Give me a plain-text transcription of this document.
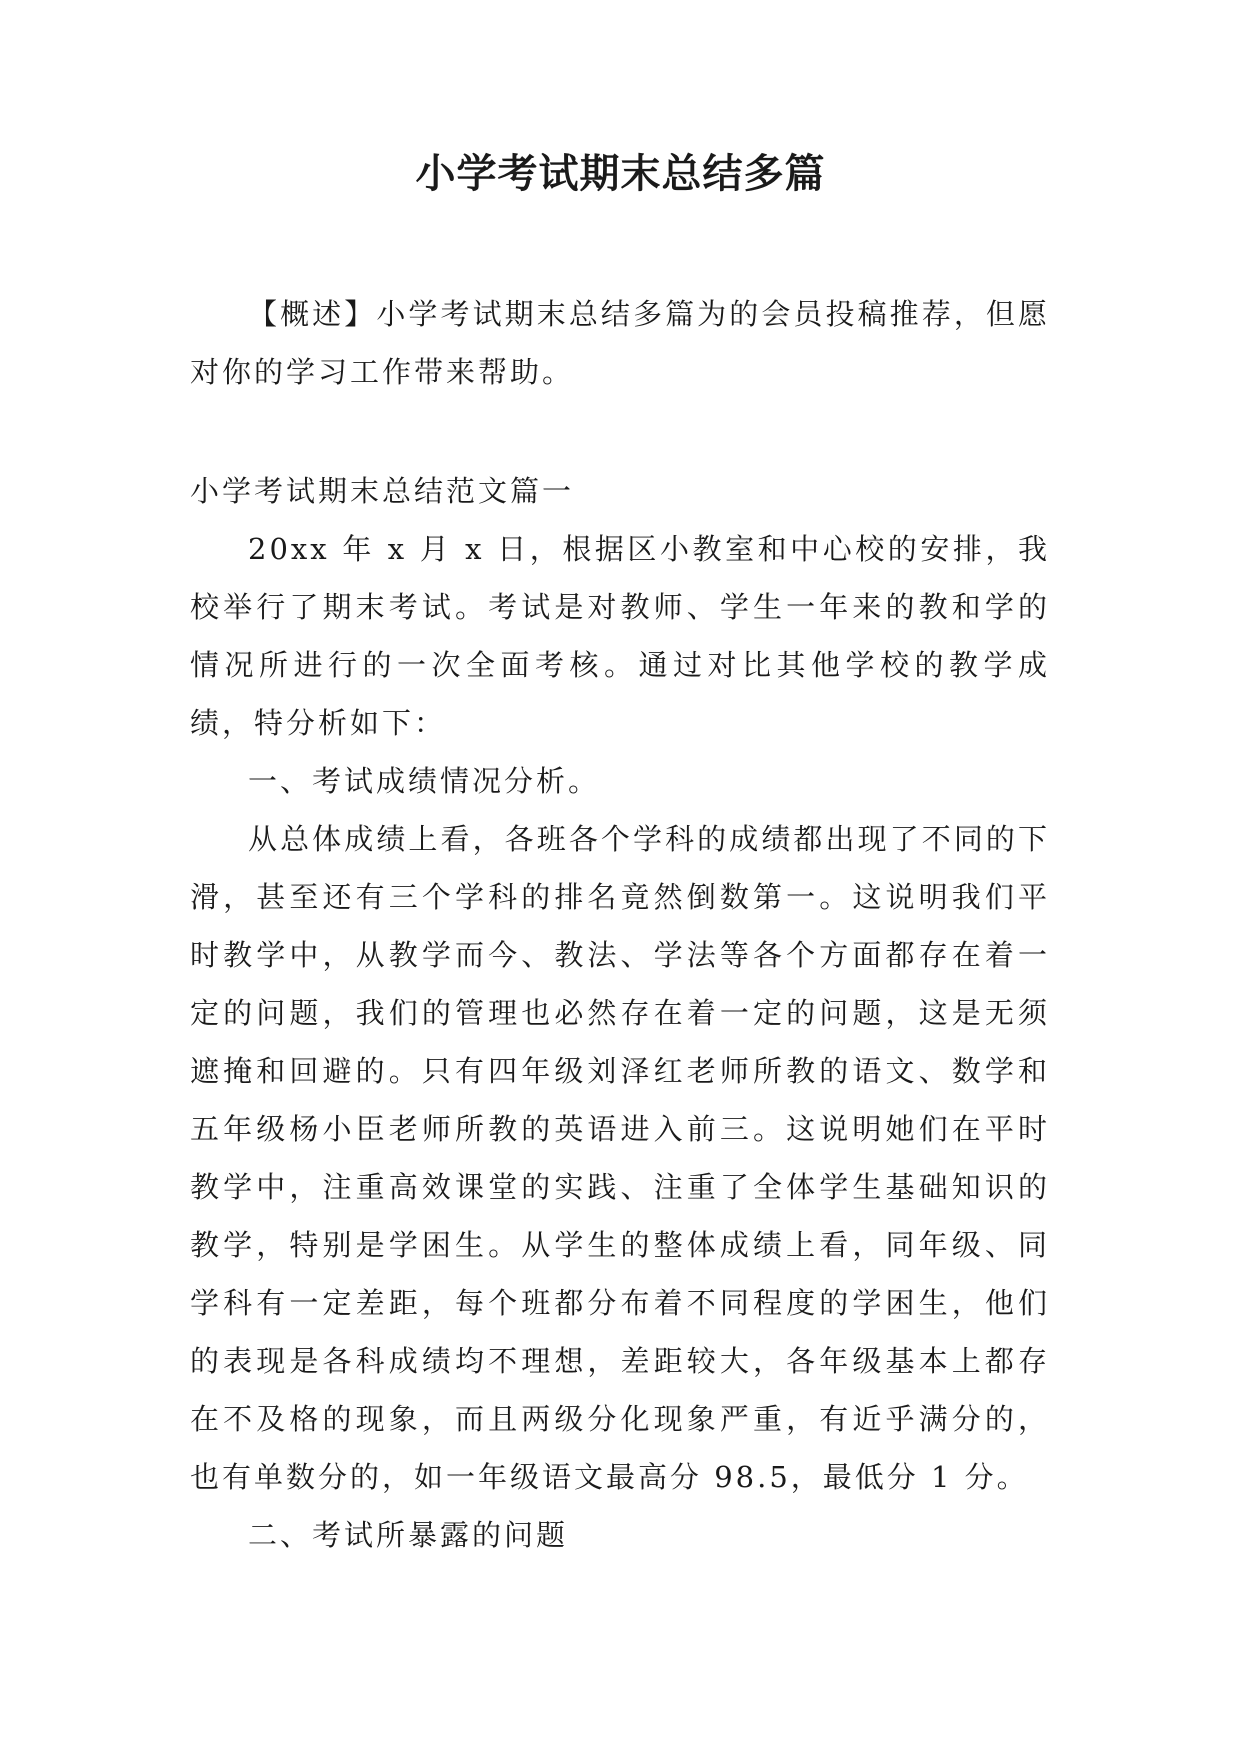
小学考试期末总结多篇

【概述】小学考试期末总结多篇为的会员投稿推荐，但愿对你的学习工作带来帮助。

小学考试期末总结范文篇一

20xx 年 x 月 x 日，根据区小教室和中心校的安排，我校举行了期末考试。考试是对教师、学生一年来的教和学的情况所进行的一次全面考核。通过对比其他学校的教学成绩，特分析如下：

一、考试成绩情况分析。

从总体成绩上看，各班各个学科的成绩都出现了不同的下滑，甚至还有三个学科的排名竟然倒数第一。这说明我们平时教学中，从教学而今、教法、学法等各个方面都存在着一定的问题，我们的管理也必然存在着一定的问题，这是无须遮掩和回避的。只有四年级刘泽红老师所教的语文、数学和五年级杨小臣老师所教的英语进入前三。这说明她们在平时教学中，注重高效课堂的实践、注重了全体学生基础知识的教学，特别是学困生。从学生的整体成绩上看，同年级、同学科有一定差距，每个班都分布着不同程度的学困生，他们的表现是各科成绩均不理想，差距较大，各年级基本上都存在不及格的现象，而且两级分化现象严重，有近乎满分的，也有单数分的，如一年级语文最高分 98.5，最低分 1 分。

二、考试所暴露的问题
